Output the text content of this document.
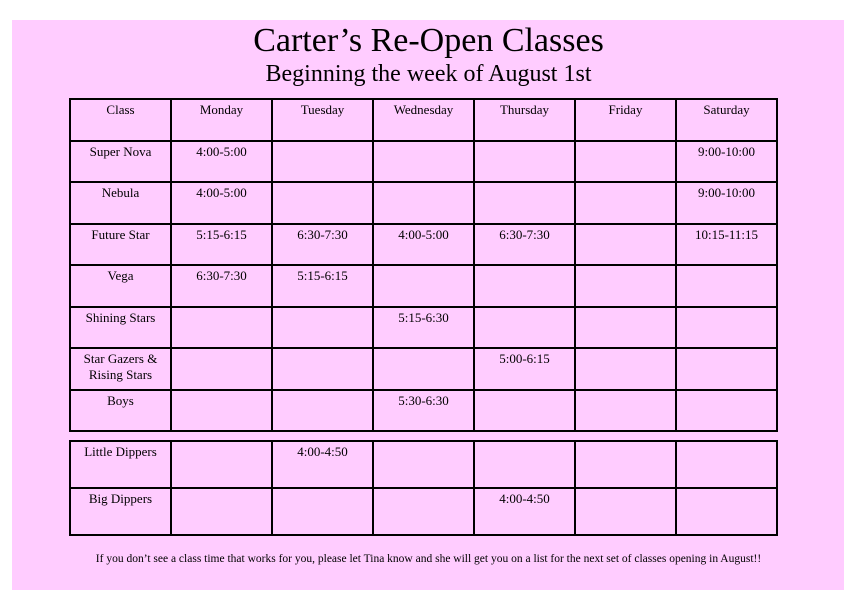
Carter’s Re-Open Classes
Beginning the week of August 1st
Class	Monday	Tuesday	Wednesday	Thursday	Friday	Saturday
Super Nova	4:00-5:00					9:00-10:00
Nebula	4:00-5:00					9:00-10:00
Future Star	5:15-6:15	6:30-7:30	4:00-5:00	6:30-7:30		10:15-11:15
Vega	6:30-7:30	5:15-6:15				
Shining Stars			5:15-6:30			
Star Gazers & Rising Stars				5:00-6:15		
Boys			5:30-6:30			
Little Dippers		4:00-4:50				
Big Dippers				4:00-4:50		
If you don’t see a class time that works for you, please let Tina know and she will get you on a list for the next set of classes opening in August!!
